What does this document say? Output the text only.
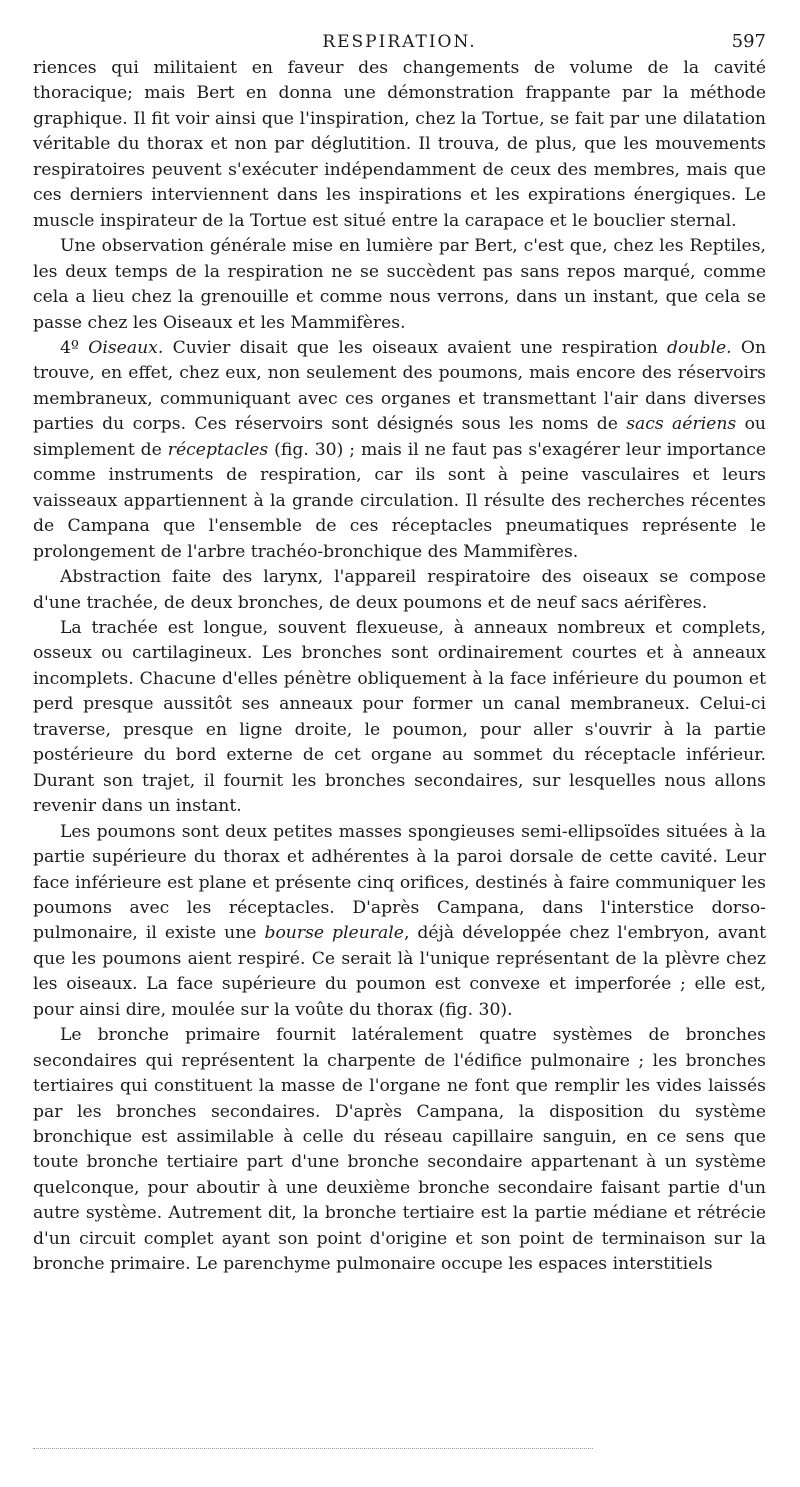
RESPIRATION.	597

riences qui militaient en faveur des changements de volume de la cavité thoracique; mais Bert en donna une démonstration frappante par la méthode graphique. Il fit voir ainsi que l'inspiration, chez la Tortue, se fait par une dilatation véritable du thorax et non par déglutition. Il trouva, de plus, que les mouvements respiratoires peuvent s'exécuter indépendamment de ceux des membres, mais que ces derniers interviennent dans les inspirations et les expirations énergiques. Le muscle inspirateur de la Tortue est situé entre la carapace et le bouclier sternal.

Une observation générale mise en lumière par Bert, c'est que, chez les Reptiles, les deux temps de la respiration ne se succèdent pas sans repos marqué, comme cela a lieu chez la grenouille et comme nous verrons, dans un instant, que cela se passe chez les Oiseaux et les Mammifères.

4º Oiseaux. Cuvier disait que les oiseaux avaient une respiration double. On trouve, en effet, chez eux, non seulement des poumons, mais encore des réservoirs membraneux, communiquant avec ces organes et transmettant l'air dans diverses parties du corps. Ces réservoirs sont désignés sous les noms de sacs aériens ou simplement de réceptacles (fig. 30) ; mais il ne faut pas s'exagérer leur importance comme instruments de respiration, car ils sont à peine vasculaires et leurs vaisseaux appartiennent à la grande circulation. Il résulte des recherches récentes de Campana que l'ensemble de ces réceptacles pneumatiques représente le prolongement de l'arbre trachéo-bronchique des Mammifères.

Abstraction faite des larynx, l'appareil respiratoire des oiseaux se compose d'une trachée, de deux bronches, de deux poumons et de neuf sacs aérifères.

La trachée est longue, souvent flexueuse, à anneaux nombreux et complets, osseux ou cartilagineux. Les bronches sont ordinairement courtes et à anneaux incomplets. Chacune d'elles pénètre obliquement à la face inférieure du poumon et perd presque aussitôt ses anneaux pour former un canal membraneux. Celui-ci traverse, presque en ligne droite, le poumon, pour aller s'ouvrir à la partie postérieure du bord externe de cet organe au sommet du réceptacle inférieur. Durant son trajet, il fournit les bronches secondaires, sur lesquelles nous allons revenir dans un instant.

Les poumons sont deux petites masses spongieuses semi-ellipsoïdes situées à la partie supérieure du thorax et adhérentes à la paroi dorsale de cette cavité. Leur face inférieure est plane et présente cinq orifices, destinés à faire communiquer les poumons avec les réceptacles. D'après Campana, dans l'interstice dorso-pulmonaire, il existe une bourse pleurale, déjà développée chez l'embryon, avant que les poumons aient respiré. Ce serait là l'unique représentant de la plèvre chez les oiseaux. La face supérieure du poumon est convexe et imperforée ; elle est, pour ainsi dire, moulée sur la voûte du thorax (fig. 30).

Le bronche primaire fournit latéralement quatre systèmes de bronches secondaires qui représentent la charpente de l'édifice pulmonaire ; les bronches tertiaires qui constituent la masse de l'organe ne font que remplir les vides laissés par les bronches secondaires. D'après Campana, la disposition du système bronchique est assimilable à celle du réseau capillaire sanguin, en ce sens que toute bronche tertiaire part d'une bronche secondaire appartenant à un système quelconque, pour aboutir à une deuxième bronche secondaire faisant partie d'un autre système. Autrement dit, la bronche tertiaire est la partie médiane et rétrécie d'un circuit complet ayant son point d'origine et son point de terminaison sur la bronche primaire. Le parenchyme pulmonaire occupe les espaces interstitiels
